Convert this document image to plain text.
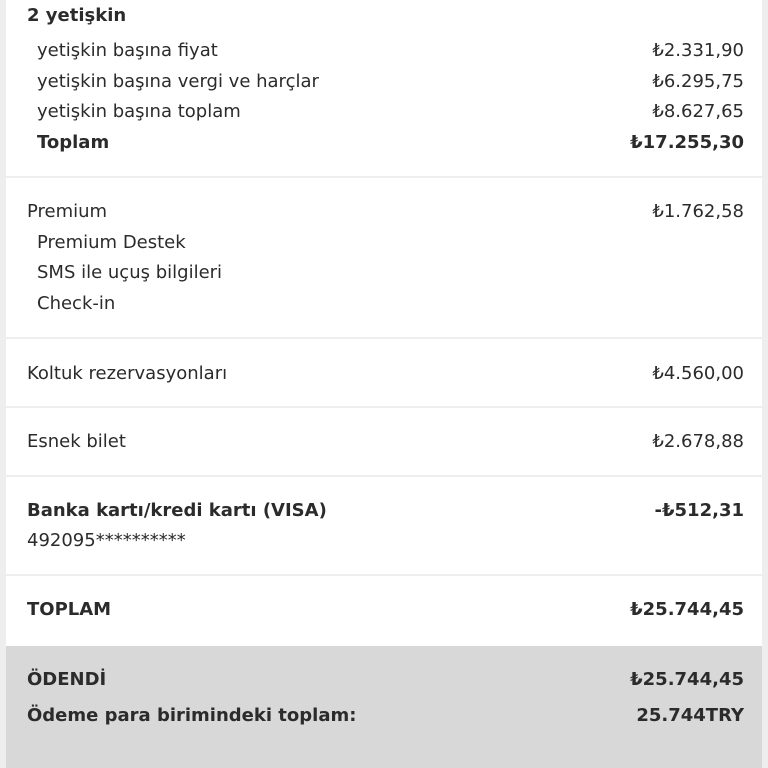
2 yetişkin
yetişkin başına fiyat	₺2.331,90
yetişkin başına vergi ve harçlar	₺6.295,75
yetişkin başına toplam	₺8.627,65
Toplam	₺17.255,30
Premium	₺1.762,58
Premium Destek
SMS ile uçuş bilgileri
Check-in
Koltuk rezervasyonları	₺4.560,00
Esnek bilet	₺2.678,88
Banka kartı/kredi kartı (VISA)	-₺512,31
492095**********
TOPLAM	₺25.744,45
ÖDENDİ	₺25.744,45
Ödeme para birimindeki toplam:	25.744TRY
